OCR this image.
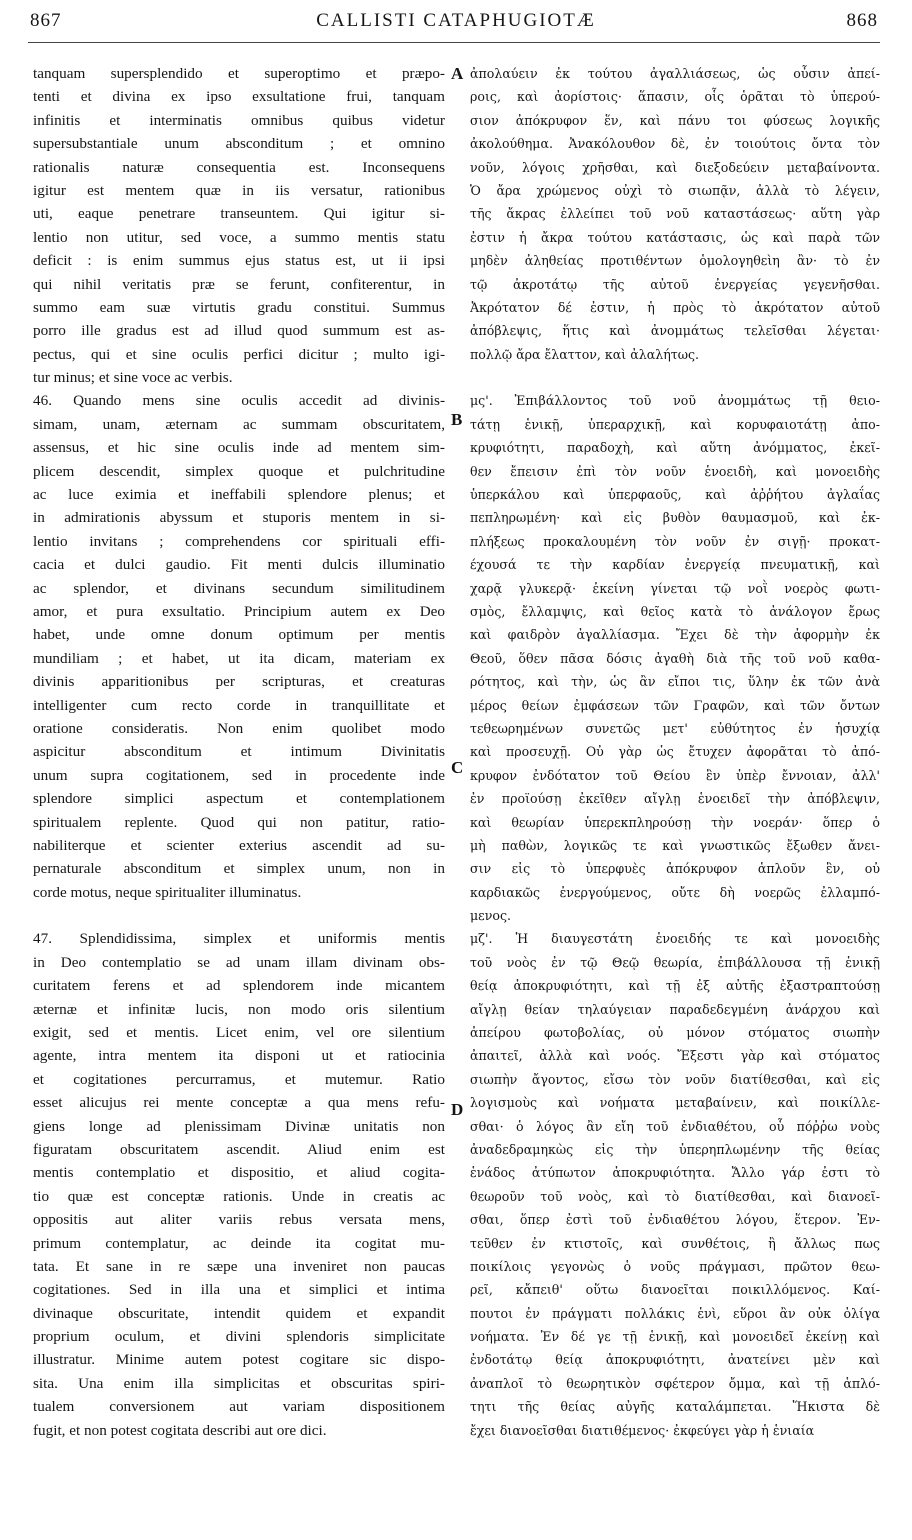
867	CALLISTI CATAPHUGIOTÆ	868
tanquam supersplendido et superoptimo et præpo-
tenti et divina ex ipso exsultatione frui, tanquam
infinitis et interminatis omnibus quibus videtur
supersubstantiale unum absconditum ; et omnino
rationalis naturæ consequentia est. Inconsequens
igitur est mentem quæ in iis versatur, rationibus
uti, eaque penetrare transeuntem. Qui igitur si-
lentio non utitur, sed voce, a summo mentis statu
deficit : is enim summus ejus status est, ut ii ipsi
qui nihil veritatis præ se ferunt, confiterentur, in
summo eam suæ virtutis gradu constitui. Summus
porro ille gradus est ad illud quod summum est as-
pectus, qui et sine oculis perfici dicitur ; multo igi-
tur minus; et sine voce ac verbis.
46. Quando mens sine oculis accedit ad divinis-
simam, unam, æternam ac summam obscuritatem,
assensus, et hic sine oculis inde ad mentem sim-
plicem descendit, simplex quoque et pulchritudine
ac luce eximia et ineffabili splendore plenus; et
in admirationis abyssum et stuporis mentem in si-
lentio invitans ; comprehendens cor spirituali effi-
cacia et dulci gaudio. Fit menti dulcis illuminatio
ac splendor, et divinans secundum similitudinem
amor, et pura exsultatio. Principium autem ex Deo
habet, unde omne donum optimum per mentis
mundiliam ; et habet, ut ita dicam, materiam ex
divinis apparitionibus per scripturas, et creaturas
intelligenter cum recto corde in tranquillitate et
oratione consideratis. Non enim quolibet modo
aspicitur absconditum et intimum Divinitatis
unum supra cogitationem, sed in procedente inde
splendore simplici aspectum et contemplationem
spiritualem replente. Quod qui non patitur, ratio-
nabiliterque et scienter exterius ascendit ad su-
pernaturale absconditum et simplex unum, non in
corde motus, neque spiritualiter illuminatus.
47. Splendidissima, simplex et uniformis mentis
in Deo contemplatio se ad unam illam divinam obs-
curitatem ferens et ad splendorem inde micantem
æternæ et infinitæ lucis, non modo oris silentium
exigit, sed et mentis. Licet enim, vel ore silentium
agente, intra mentem ita disponi ut et ratiocinia
et cogitationes percurramus, et mutemur. Ratio
esset alicujus rei mente conceptæ a qua mens refu-
giens longe ad plenissimam Divinæ unitatis non
figuratam obscuritatem ascendit. Aliud enim est
mentis contemplatio et dispositio, et aliud cogita-
tio quæ est conceptæ rationis. Unde in creatis ac
oppositis aut aliter variis rebus versata mens,
primum contemplatur, ac deinde ita cogitat mu-
tata. Et sane in re sæpe una inveniret non paucas
cogitationes. Sed in illa una et simplici et intima
divinaque obscuritate, intendit quidem et expandit
proprium oculum, et divini splendoris simplicitate
illustratur. Minime autem potest cogitare sic dispo-
sita. Una enim illa simplicitas et obscuritas spiri-
tualem conversionem aut variam dispositionem
fugit, et non potest cogitata describi aut ore dici.
ἀπολαύειν ἐκ τούτου ἀγαλλιάσεως, ὡς οὖσιν ἀπεί-
ροις, καὶ ἀορίστοις· ἅπασιν, οἷς ὁρᾶται τὸ ὑπερού-
σιον ἀπόκρυφον ἕν, καὶ πάνυ τοι φύσεως λογικῆς
ἀκολούθημα. Ἀνακόλουθον δὲ, ἐν τοιούτοις ὄντα τὸν
νοῦν, λόγοις χρῆσθαι, καὶ διεξοδεύειν μεταβαίνοντα.
Ὁ ἄρα χρώμενος οὐχὶ τὸ σιωπᾷν, ἀλλὰ τὸ λέγειν,
τῆς ἄκρας ἐλλείπει τοῦ νοῦ καταστάσεως· αὕτη γὰρ
ἐστιν ἡ ἄκρα τούτου κατάστασις, ὡς καὶ παρὰ τῶν
μηδὲν ἀληθείας προτιθέντων ὁμολογηθεὶη ἂν· τὸ ἐν
τῷ ἀκροτάτῳ τῆς αὐτοῦ ἐνεργείας γεγενῆσθαι.
Ἀκρότατον δέ ἐστιν, ἡ πρὸς τὸ ἀκρότατον αὐτοῦ
ἀπόβλεψις, ἥτις καὶ ἀνομμάτως τελεῖσθαι λέγεται·
πολλῷ ἄρα ἔλαττον, καὶ ἀλαλήτως.
μς'. Ἐπιβάλλοντος τοῦ νοῦ ἀνομμάτως τῇ θειο-
τάτῃ ἑνικῇ, ὑπεραρχικῇ, καὶ κορυφαιοτάτῃ ἀπο-
κρυφιότητι, παραδοχὴ, καὶ αὕτη ἀνόμματος, ἐκεῖ-
θεν ἔπεισιν ἐπὶ τὸν νοῦν ἑνοειδὴ, καὶ μονοειδὴς
ὑπερκάλου καὶ ὑπερφαοῦς, καὶ ἀῤῥήτου ἀγλαΐας
πεπληρωμένη· καὶ εἰς βυθὸν θαυμασμοῦ, καὶ ἐκ-
πλήξεως προκαλουμένη τὸν νοῦν ἐν σιγῇ· προκατ-
έχουσά τε τὴν καρδίαν ἐνεργείᾳ πνευματικῇ, καὶ
χαρᾷ γλυκερᾷ· ἐκείνη γίνεται τῷ νοῒ νοερὸς φωτι-
σμὸς, ἔλλαμψις, καὶ θεῖος κατὰ τὸ ἀνάλογον ἔρως
καὶ φαιδρὸν ἀγαλλίασμα. Ἔχει δὲ τὴν ἀφορμὴν ἐκ
Θεοῦ, ὅθεν πᾶσα δόσις ἀγαθὴ διὰ τῆς τοῦ νοῦ καθα-
ρότητος, καὶ τὴν, ὡς ἂν εἴποι τις, ὕλην ἐκ τῶν ἀνὰ
μέρος θείων ἐμφάσεων τῶν Γραφῶν, καὶ τῶν ὄντων
τεθεωρημένων συνετῶς μετ' εὐθύτητος ἐν ἡσυχίᾳ
καὶ προσευχῇ. Οὐ γὰρ ὡς ἔτυχεν ἀφορᾶται τὸ ἀπό-
κρυφον ἐνδότατον τοῦ Θείου ἓν ὑπὲρ ἔννοιαν, ἀλλ'
ἐν προϊούσῃ ἐκεῖθεν αἴγλῃ ἑνοειδεῖ τὴν ἀπόβλεψιν,
καὶ θεωρίαν ὑπερεκπληρούσῃ τὴν νοεράν· ὅπερ ὁ
μὴ παθὼν, λογικῶς τε καὶ γνωστικῶς ἔξωθεν ἄνει-
σιν εἰς τὸ ὑπερφυὲς ἀπόκρυφον ἁπλοῦν ἓν, οὐ
καρδιακῶς ἐνεργούμενος, οὔτε δὴ νοερῶς ἐλλαμπό-
μενος.
μζ'. Ἡ διαυγεστάτη ἑνοειδής τε καὶ μονοειδὴς
τοῦ νοὸς ἐν τῷ Θεῷ θεωρία, ἐπιβάλλουσα τῇ ἑνικῇ
θείᾳ ἀποκρυφιότητι, καὶ τῇ ἐξ αὐτῆς ἐξαστραπτούσῃ
αἴγλῃ θείαν τηλαύγειαν παραδεδεγμένη ἀνάρχου καὶ
ἀπείρου φωτοβολίας, οὐ μόνον στόματος σιωπὴν
ἀπαιτεῖ, ἀλλὰ καὶ νοός. Ἔξεστι γὰρ καὶ στόματος
σιωπὴν ἄγοντος, εἴσω τὸν νοῦν διατίθεσθαι, καὶ εἰς
λογισμοὺς καὶ νοήματα μεταβαίνειν, καὶ ποικίλλε-
σθαι· ὁ λόγος ἂν εἴη τοῦ ἐνδιαθέτου, οὗ πόῤῥω νοὺς
ἀναδεδραμηκὼς εἰς τὴν ὑπερηπλωμένην τῆς θείας
ἑνάδος ἀτύπωτον ἀποκρυφιότητα. Ἄλλο γάρ ἐστι τὸ
θεωροῦν τοῦ νοὸς, καὶ τὸ διατίθεσθαι, καὶ διανοεῖ-
σθαι, ὅπερ ἐστὶ τοῦ ἐνδιαθέτου λόγου, ἕτερον. Ἐν-
τεῦθεν ἐν κτιστοῖς, καὶ συνθέτοις, ἢ ἄλλως πως
ποικίλοις γεγονὼς ὁ νοῦς πράγμασι, πρῶτον θεω-
ρεῖ, κἄπειθ' οὕτω διανοεῖται ποικιλλόμενος. Καί-
πουτοι ἐν πράγματι πολλάκις ἑνὶ, εὕροι ἂν οὐκ ὀλίγα
νοήματα. Ἐν δέ γε τῇ ἑνικῇ, καὶ μονοειδεῖ ἐκείνῃ καὶ
ἐνδοτάτῳ θείᾳ ἀποκρυφιότητι, ἀνατείνει μὲν καὶ
ἀναπλοῖ τὸ θεωρητικὸν σφέτερον ὄμμα, καὶ τῇ ἁπλό-
τητι τῆς θείας αὐγῆς καταλάμπεται. Ἥκιστα δὲ
ἔχει διανοεῖσθαι διατιθέμενος· ἐκφεύγει γὰρ ἡ ἑνιαία
A
B
C
D
